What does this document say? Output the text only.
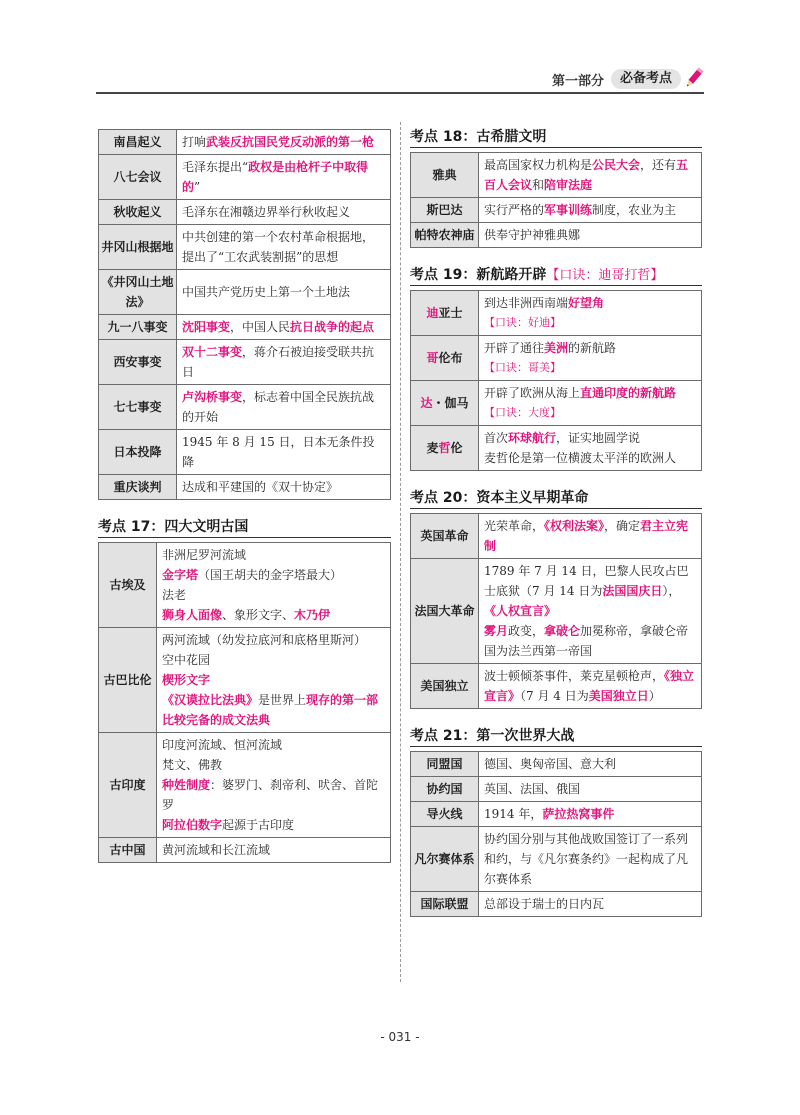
第一部分	必备考点
南昌起义	打响武装反抗国民党反动派的第一枪
八七会议	毛泽东提出“政权是由枪杆子中取得的”
秋收起义	毛泽东在湘赣边界举行秋收起义
井冈山根据地	中共创建的第一个农村革命根据地，提出了“工农武装割据”的思想
《井冈山土地法》	中国共产党历史上第一个土地法
九一八事变	沈阳事变，中国人民抗日战争的起点
西安事变	双十二事变，蒋介石被迫接受联共抗日
七七事变	卢沟桥事变，标志着中国全民族抗战的开始
日本投降	1945 年 8 月 15 日，日本无条件投降
重庆谈判	达成和平建国的《双十协定》
考点 17：四大文明古国
古埃及	非洲尼罗河流域
金字塔（国王胡夫的金字塔最大）
法老
狮身人面像、象形文字、木乃伊

古巴比伦	两河流域（幼发拉底河和底格里斯河）
空中花园
楔形文字
《汉谟拉比法典》是世界上现存的第一部比较完备的成文法典

古印度	印度河流域、恒河流域
梵文、佛教
种姓制度：婆罗门、刹帝利、吠舍、首陀罗
阿拉伯数字起源于古印度

古中国	黄河流域和长江流域
考点 18：古希腊文明
雅典	最高国家权力机构是公民大会，还有五百人会议和陪审法庭
斯巴达	实行严格的军事训练制度，农业为主
帕特农神庙	供奉守护神雅典娜
考点 19：新航路开辟【口诀：迪哥打哲】
迪亚士	到达非洲西南端好望角
【口诀：好迪】

哥伦布	开辟了通往美洲的新航路
【口诀：哥美】

达・伽马	开辟了欧洲从海上直通印度的新航路
【口诀：大度】

麦哲伦	首次环球航行，证实地圆学说
麦哲伦是第一位横渡太平洋的欧洲人
考点 20：资本主义早期革命
英国革命	光荣革命，《权利法案》，确定君主立宪制
法国大革命	1789 年 7 月 14 日，巴黎人民攻占巴士底狱（7 月 14 日为法国国庆日），
《人权宣言》
雾月政变，拿破仑加冕称帝，拿破仑帝国为法兰西第一帝国

美国独立	波士顿倾茶事件，莱克星顿枪声，《独立宣言》（7 月 4 日为美国独立日）
考点 21：第一次世界大战
同盟国	德国、奥匈帝国、意大利
协约国	英国、法国、俄国
导火线	1914 年，萨拉热窝事件
凡尔赛体系	协约国分别与其他战败国签订了一系列和约，与《凡尔赛条约》一起构成了凡尔赛体系
国际联盟	总部设于瑞士的日内瓦
- 031 -
